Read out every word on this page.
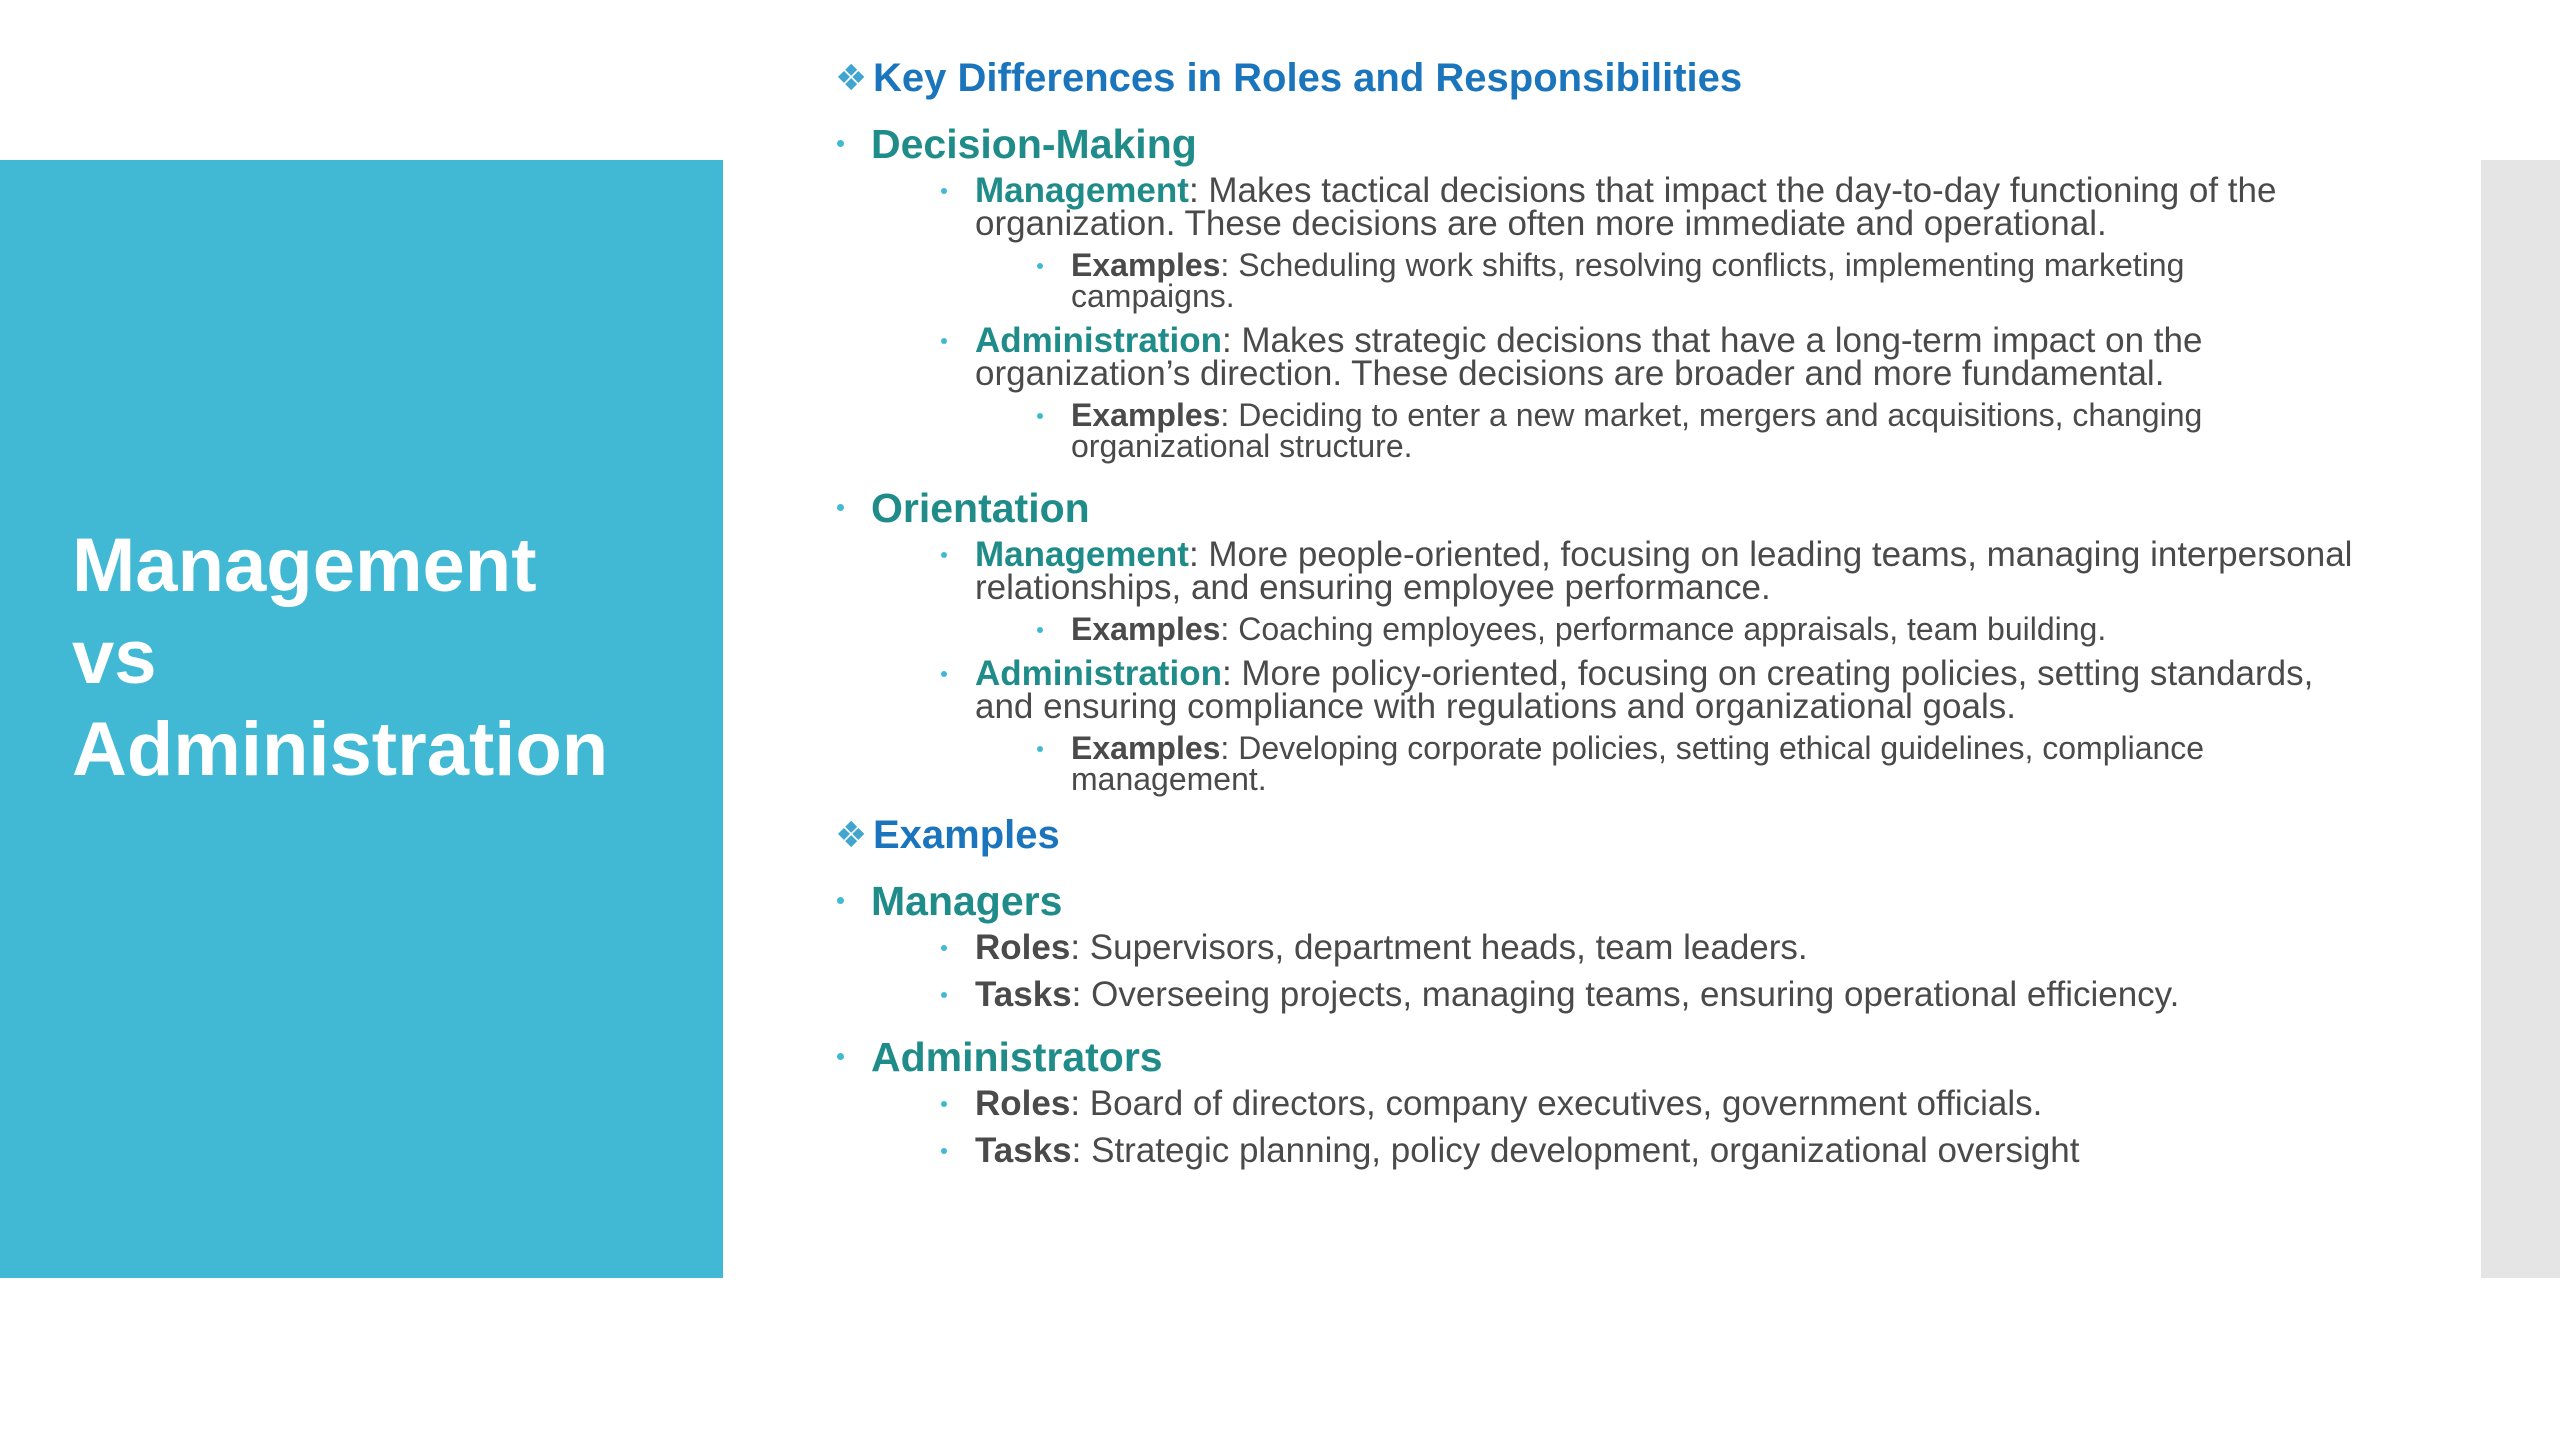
Management
vs
Administration
❖ Key Differences in Roles and Responsibilities
Decision-Making
Management: Makes tactical decisions that impact the day-to-day functioning of the organization. These decisions are often more immediate and operational.
Examples: Scheduling work shifts, resolving conflicts, implementing marketing campaigns.
Administration: Makes strategic decisions that have a long-term impact on the organization’s direction. These decisions are broader and more fundamental.
Examples: Deciding to enter a new market, mergers and acquisitions, changing organizational structure.
Orientation
Management: More people-oriented, focusing on leading teams, managing interpersonal relationships, and ensuring employee performance.
Examples: Coaching employees, performance appraisals, team building.
Administration: More policy-oriented, focusing on creating policies, setting standards, and ensuring compliance with regulations and organizational goals.
Examples: Developing corporate policies, setting ethical guidelines, compliance management.
❖ Examples
Managers
Roles: Supervisors, department heads, team leaders.
Tasks: Overseeing projects, managing teams, ensuring operational efficiency.
Administrators
Roles: Board of directors, company executives, government officials.
Tasks: Strategic planning, policy development, organizational oversight
